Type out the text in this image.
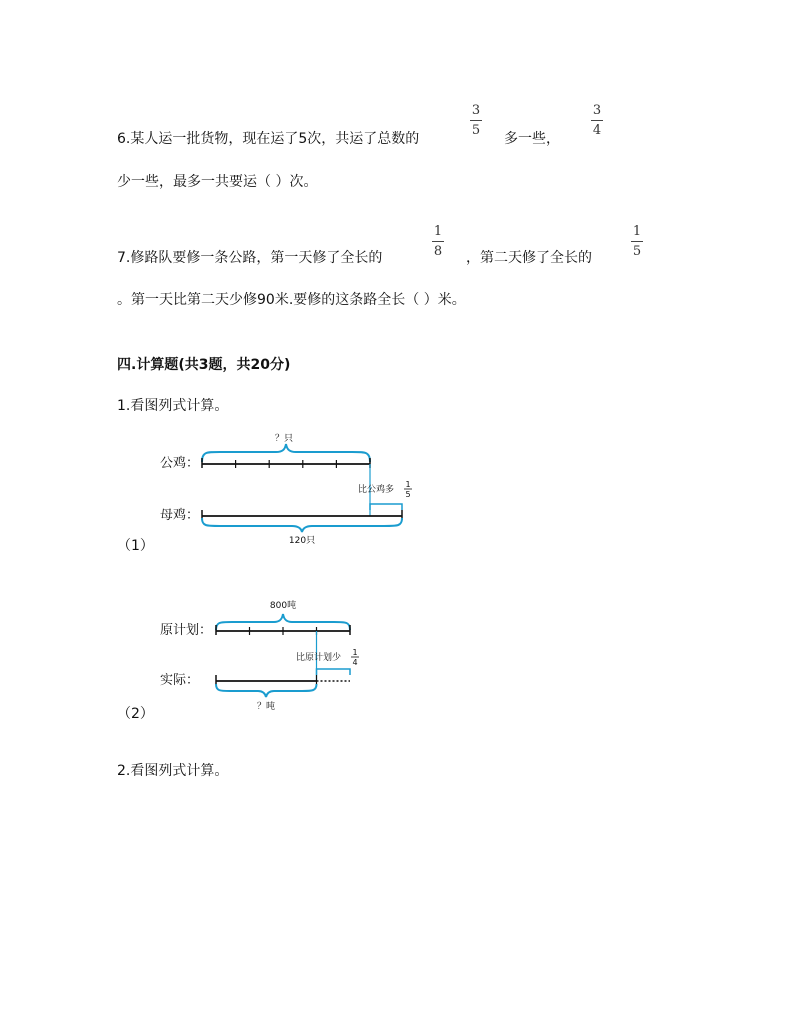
6.某人运一批货物，现在运了5次，共运了总数的
3
5
多一些，
3
4
少一些，最多一共要运（ ）次。
7.修路队要修一条公路，第一天修了全长的
1
8	，第二天修了全长的
1
5
。第一天比第二天少修90米.要修的这条路全长（ ）米。
四.计算题(共3题，共20分)
1.看图列式计算。
？只
公鸡：
比公鸡多
1
5
母鸡：
120只
（1）
800吨
原计划：
比原计划少
1
4
实际：
？吨
（2）
2.看图列式计算。
